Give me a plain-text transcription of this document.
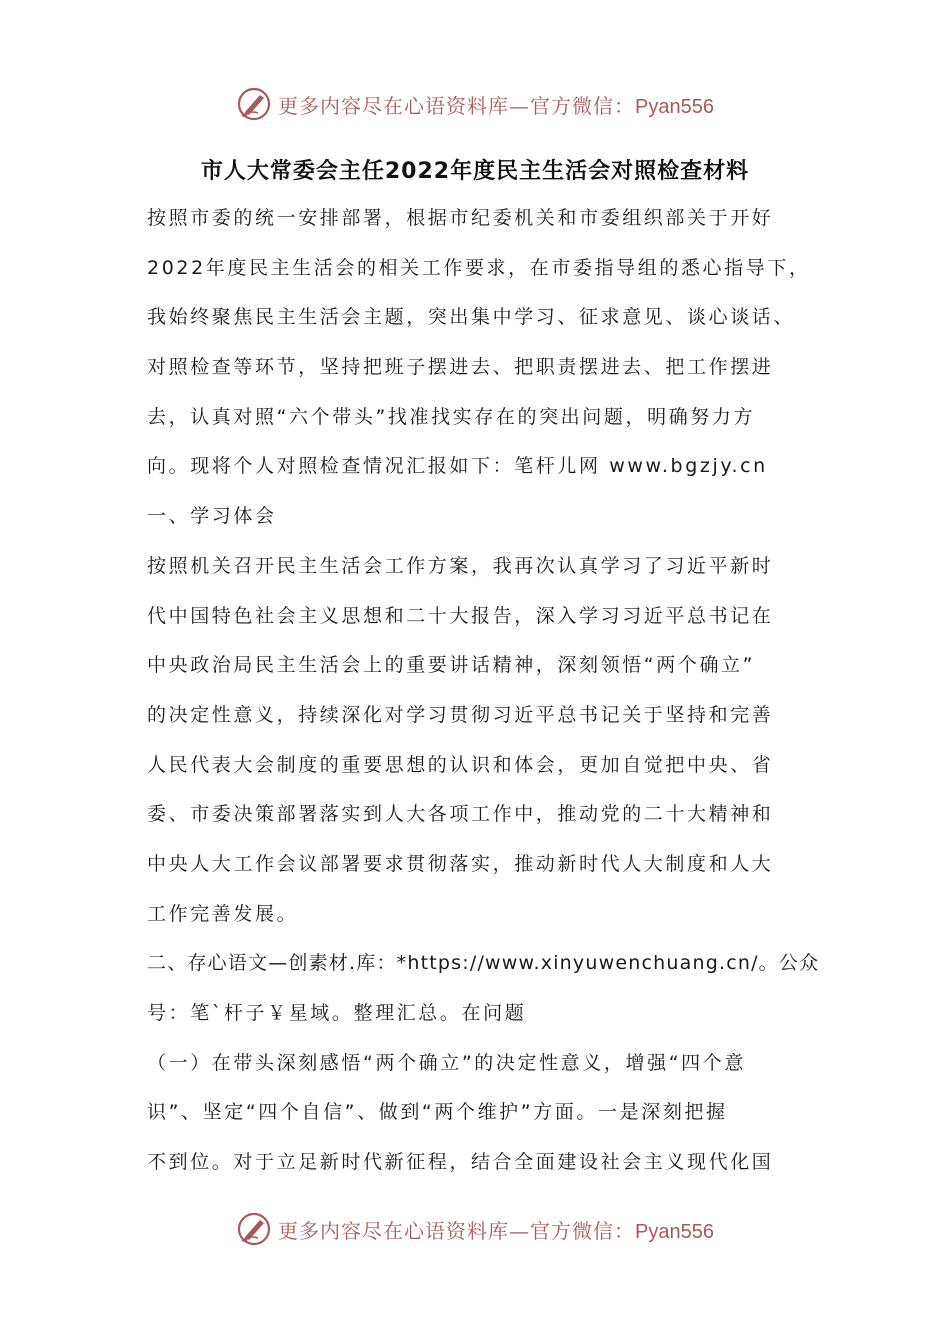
更多内容尽在心语资料库—官方微信：Pyan556
市人大常委会主任2022年度民主生活会对照检查材料
按照市委的统一安排部署，根据市纪委机关和市委组织部关于开好
2022年度民主生活会的相关工作要求，在市委指导组的悉心指导下，
我始终聚焦民主生活会主题，突出集中学习、征求意见、谈心谈话、
对照检查等环节，坚持把班子摆进去、把职责摆进去、把工作摆进
去，认真对照“六个带头”找准找实存在的突出问题，明确努力方
向。现将个人对照检查情况汇报如下：笔杆儿网 www.bgzjy.cn
一、学习体会
按照机关召开民主生活会工作方案，我再次认真学习了习近平新时
代中国特色社会主义思想和二十大报告，深入学习习近平总书记在
中央政治局民主生活会上的重要讲话精神，深刻领悟“两个确立”
的决定性意义，持续深化对学习贯彻习近平总书记关于坚持和完善
人民代表大会制度的重要思想的认识和体会，更加自觉把中央、省
委、市委决策部署落实到人大各项工作中，推动党的二十大精神和
中央人大工作会议部署要求贯彻落实，推动新时代人大制度和人大
工作完善发展。
二、存心语文—创素材.库：*https://www.xinyuwenchuang.cn/。公众
号：笔`杆子￥星域。整理汇总。在问题
（一）在带头深刻感悟“两个确立”的决定性意义，增强“四个意
识”、坚定“四个自信”、做到“两个维护”方面。一是深刻把握
不到位。对于立足新时代新征程，结合全面建设社会主义现代化国
更多内容尽在心语资料库—官方微信：Pyan556
